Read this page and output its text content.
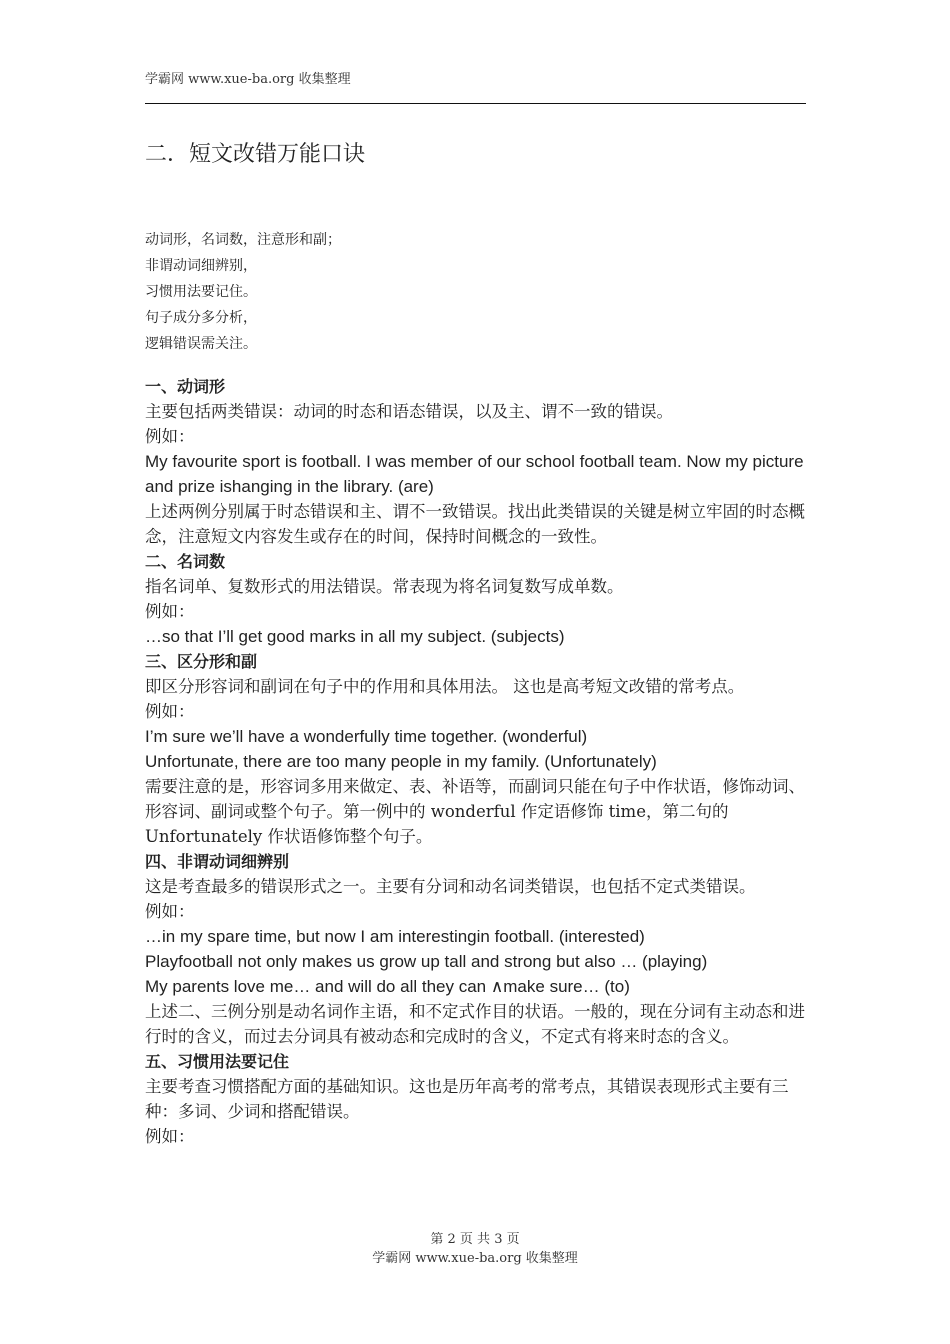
学霸网 www.xue-ba.org 收集整理
二．短文改错万能口诀
动词形，名词数，注意形和副；
非谓动词细辨别，
习惯用法要记住。
句子成分多分析，
逻辑错误需关注。

一、动词形

主要包括两类错误：动词的时态和语态错误，以及主、谓不一致的错误。

例如：

My favourite sport is football. I was member of our school football team. Now my picture and prize ishanging in the library. (are)

上述两例分别属于时态错误和主、谓不一致错误。找出此类错误的关键是树立牢固的时态概念，注意短文内容发生或存在的时间，保持时间概念的一致性。

二、名词数

指名词单、复数形式的用法错误。常表现为将名词复数写成单数。

例如：

…so that I’ll get good marks in all my subject. (subjects)

三、区分形和副

即区分形容词和副词在句子中的作用和具体用法。 这也是高考短文改错的常考点。

例如：

I’m sure we’ll have a wonderfully time together. (wonderful)

Unfortunate, there are too many people in my family. (Unfortunately)

需要注意的是，形容词多用来做定、表、补语等，而副词只能在句子中作状语，修饰动词、形容词、副词或整个句子。第一例中的 wonderful 作定语修饰 time，第二句的 Unfortunately 作状语修饰整个句子。

四、非谓动词细辨别

这是考查最多的错误形式之一。主要有分词和动名词类错误，也包括不定式类错误。

例如：

…in my spare time, but now I am interestingin football. (interested)

Playfootball not only makes us grow up tall and strong but also … (playing)

My parents love me… and will do all they can ∧make sure… (to)

上述二、三例分别是动名词作主语，和不定式作目的状语。一般的，现在分词有主动态和进行时的含义，而过去分词具有被动态和完成时的含义，不定式有将来时态的含义。

五、习惯用法要记住

主要考查习惯搭配方面的基础知识。这也是历年高考的常考点，其错误表现形式主要有三种：多词、少词和搭配错误。

例如：

第 2 页 共 3 页
学霸网 www.xue-ba.org 收集整理
